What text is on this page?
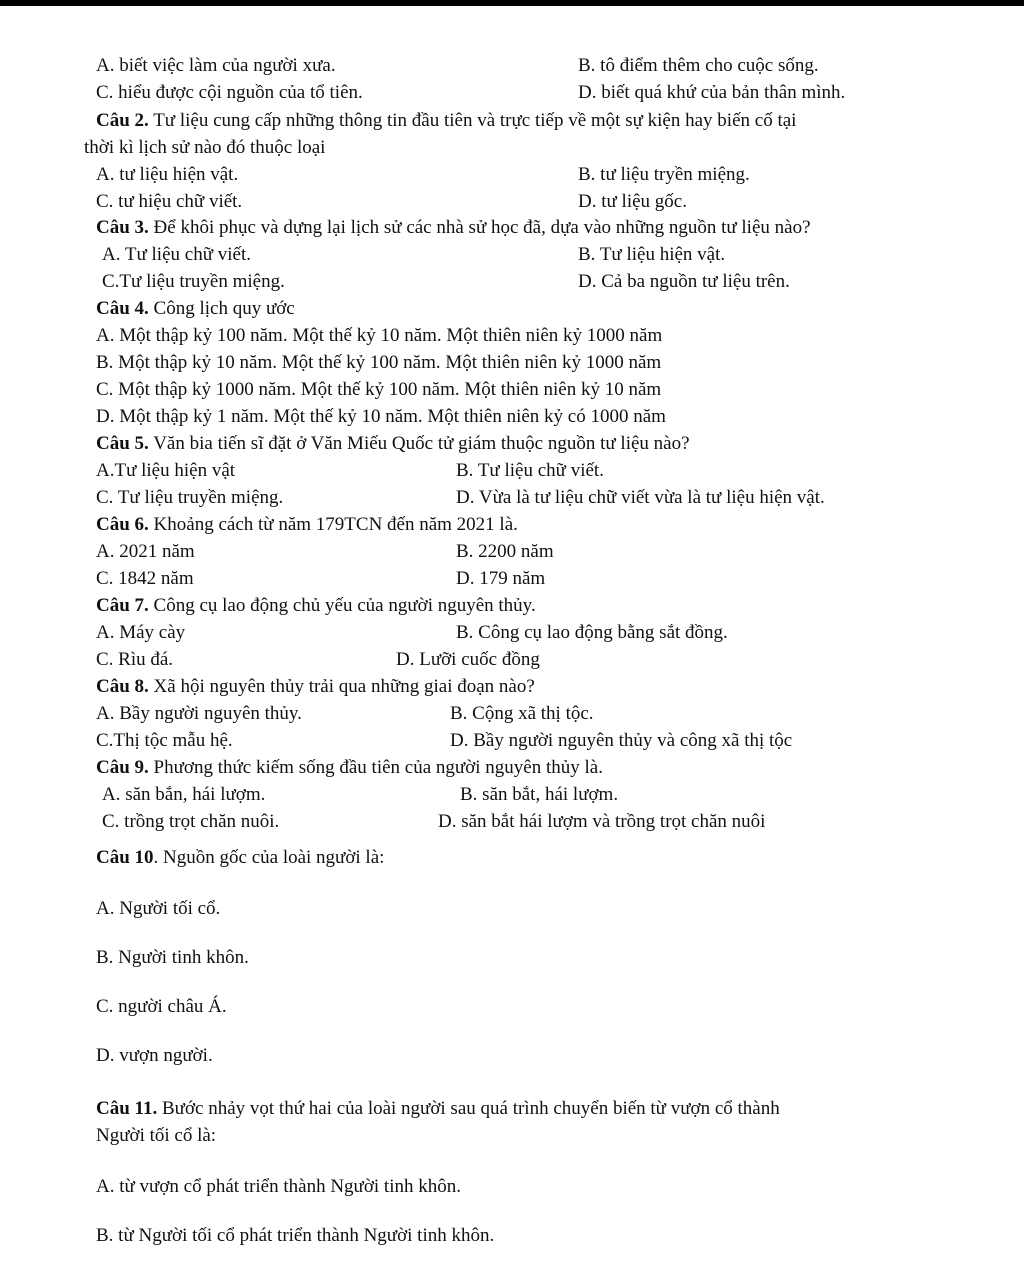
A. biết việc làm của người xưa.	B. tô điểm thêm cho cuộc sống.
C. hiểu được cội nguồn của tổ tiên.	D. biết quá khứ của bản thân mình.
Câu 2. Tư liệu cung cấp những thông tin đầu tiên và trực tiếp về một sự kiện hay biến cố tại
thời kì lịch sử nào đó thuộc loại
A. tư liệu hiện vật.	B. tư liệu tryền miệng.
C. tư hiệu chữ viết.	D. tư liệu gốc.
Câu 3. Để khôi phục và dựng lại lịch sử các nhà sử học đã, dựa vào những nguồn tư liệu nào?
A. Tư liệu chữ viết.	B. Tư liệu hiện vật.
C.Tư liệu truyền miệng.	D. Cả ba nguồn tư liệu trên.
Câu 4. Công lịch quy ước
A. Một thập kỷ 100 năm. Một thế kỷ 10 năm. Một thiên niên kỷ 1000 năm
B. Một thập kỷ 10 năm. Một thế kỷ 100 năm. Một thiên niên kỷ 1000 năm
C. Một thập kỷ 1000 năm. Một thế kỷ 100 năm. Một thiên niên kỷ 10 năm
D. Một thập kỷ 1 năm. Một thế kỷ 10 năm. Một thiên niên kỷ có 1000 năm
Câu 5. Văn bia tiến sĩ đặt ở Văn Miếu Quốc tử giám thuộc nguồn tư liệu nào?
A.Tư liệu hiện vật	B. Tư liệu chữ viết.
C. Tư liệu truyền miệng.	D. Vừa là tư liệu chữ viết vừa là tư liệu hiện vật.
Câu 6. Khoảng cách từ năm 179TCN đến năm 2021 là.
A. 2021 năm	B. 2200 năm
C. 1842 năm	D. 179 năm
Câu 7. Công cụ lao động chủ yếu của người nguyên thủy.
A. Máy cày	B. Công cụ lao động bằng sắt đồng.
C. Rìu đá.	D. Lưỡi cuốc đồng
Câu 8. Xã hội nguyên thủy trải qua những giai đoạn nào?
A. Bầy người nguyên thủy.	B. Cộng xã thị tộc.
C.Thị tộc mẫu hệ.	D. Bầy người nguyên thủy và công xã thị tộc
Câu 9. Phương thức kiếm sống đầu tiên của người nguyên thủy là.
A. săn bắn, hái lượm.	B. săn bắt, hái lượm.
C. trồng trọt chăn nuôi.	D. săn bắt hái lượm và trồng trọt chăn nuôi
Câu 10. Nguồn gốc của loài người là:
A. Người tối cổ.
B. Người tinh khôn.
C. người châu Á.
D. vượn người.
Câu 11. Bước nhảy vọt thứ hai của loài người sau quá trình chuyển biến từ vượn cổ thành
Người tối cổ là:
A. từ vượn cổ phát triển thành Người tinh khôn.
B. từ Người tối cổ phát triển thành Người tinh khôn.
